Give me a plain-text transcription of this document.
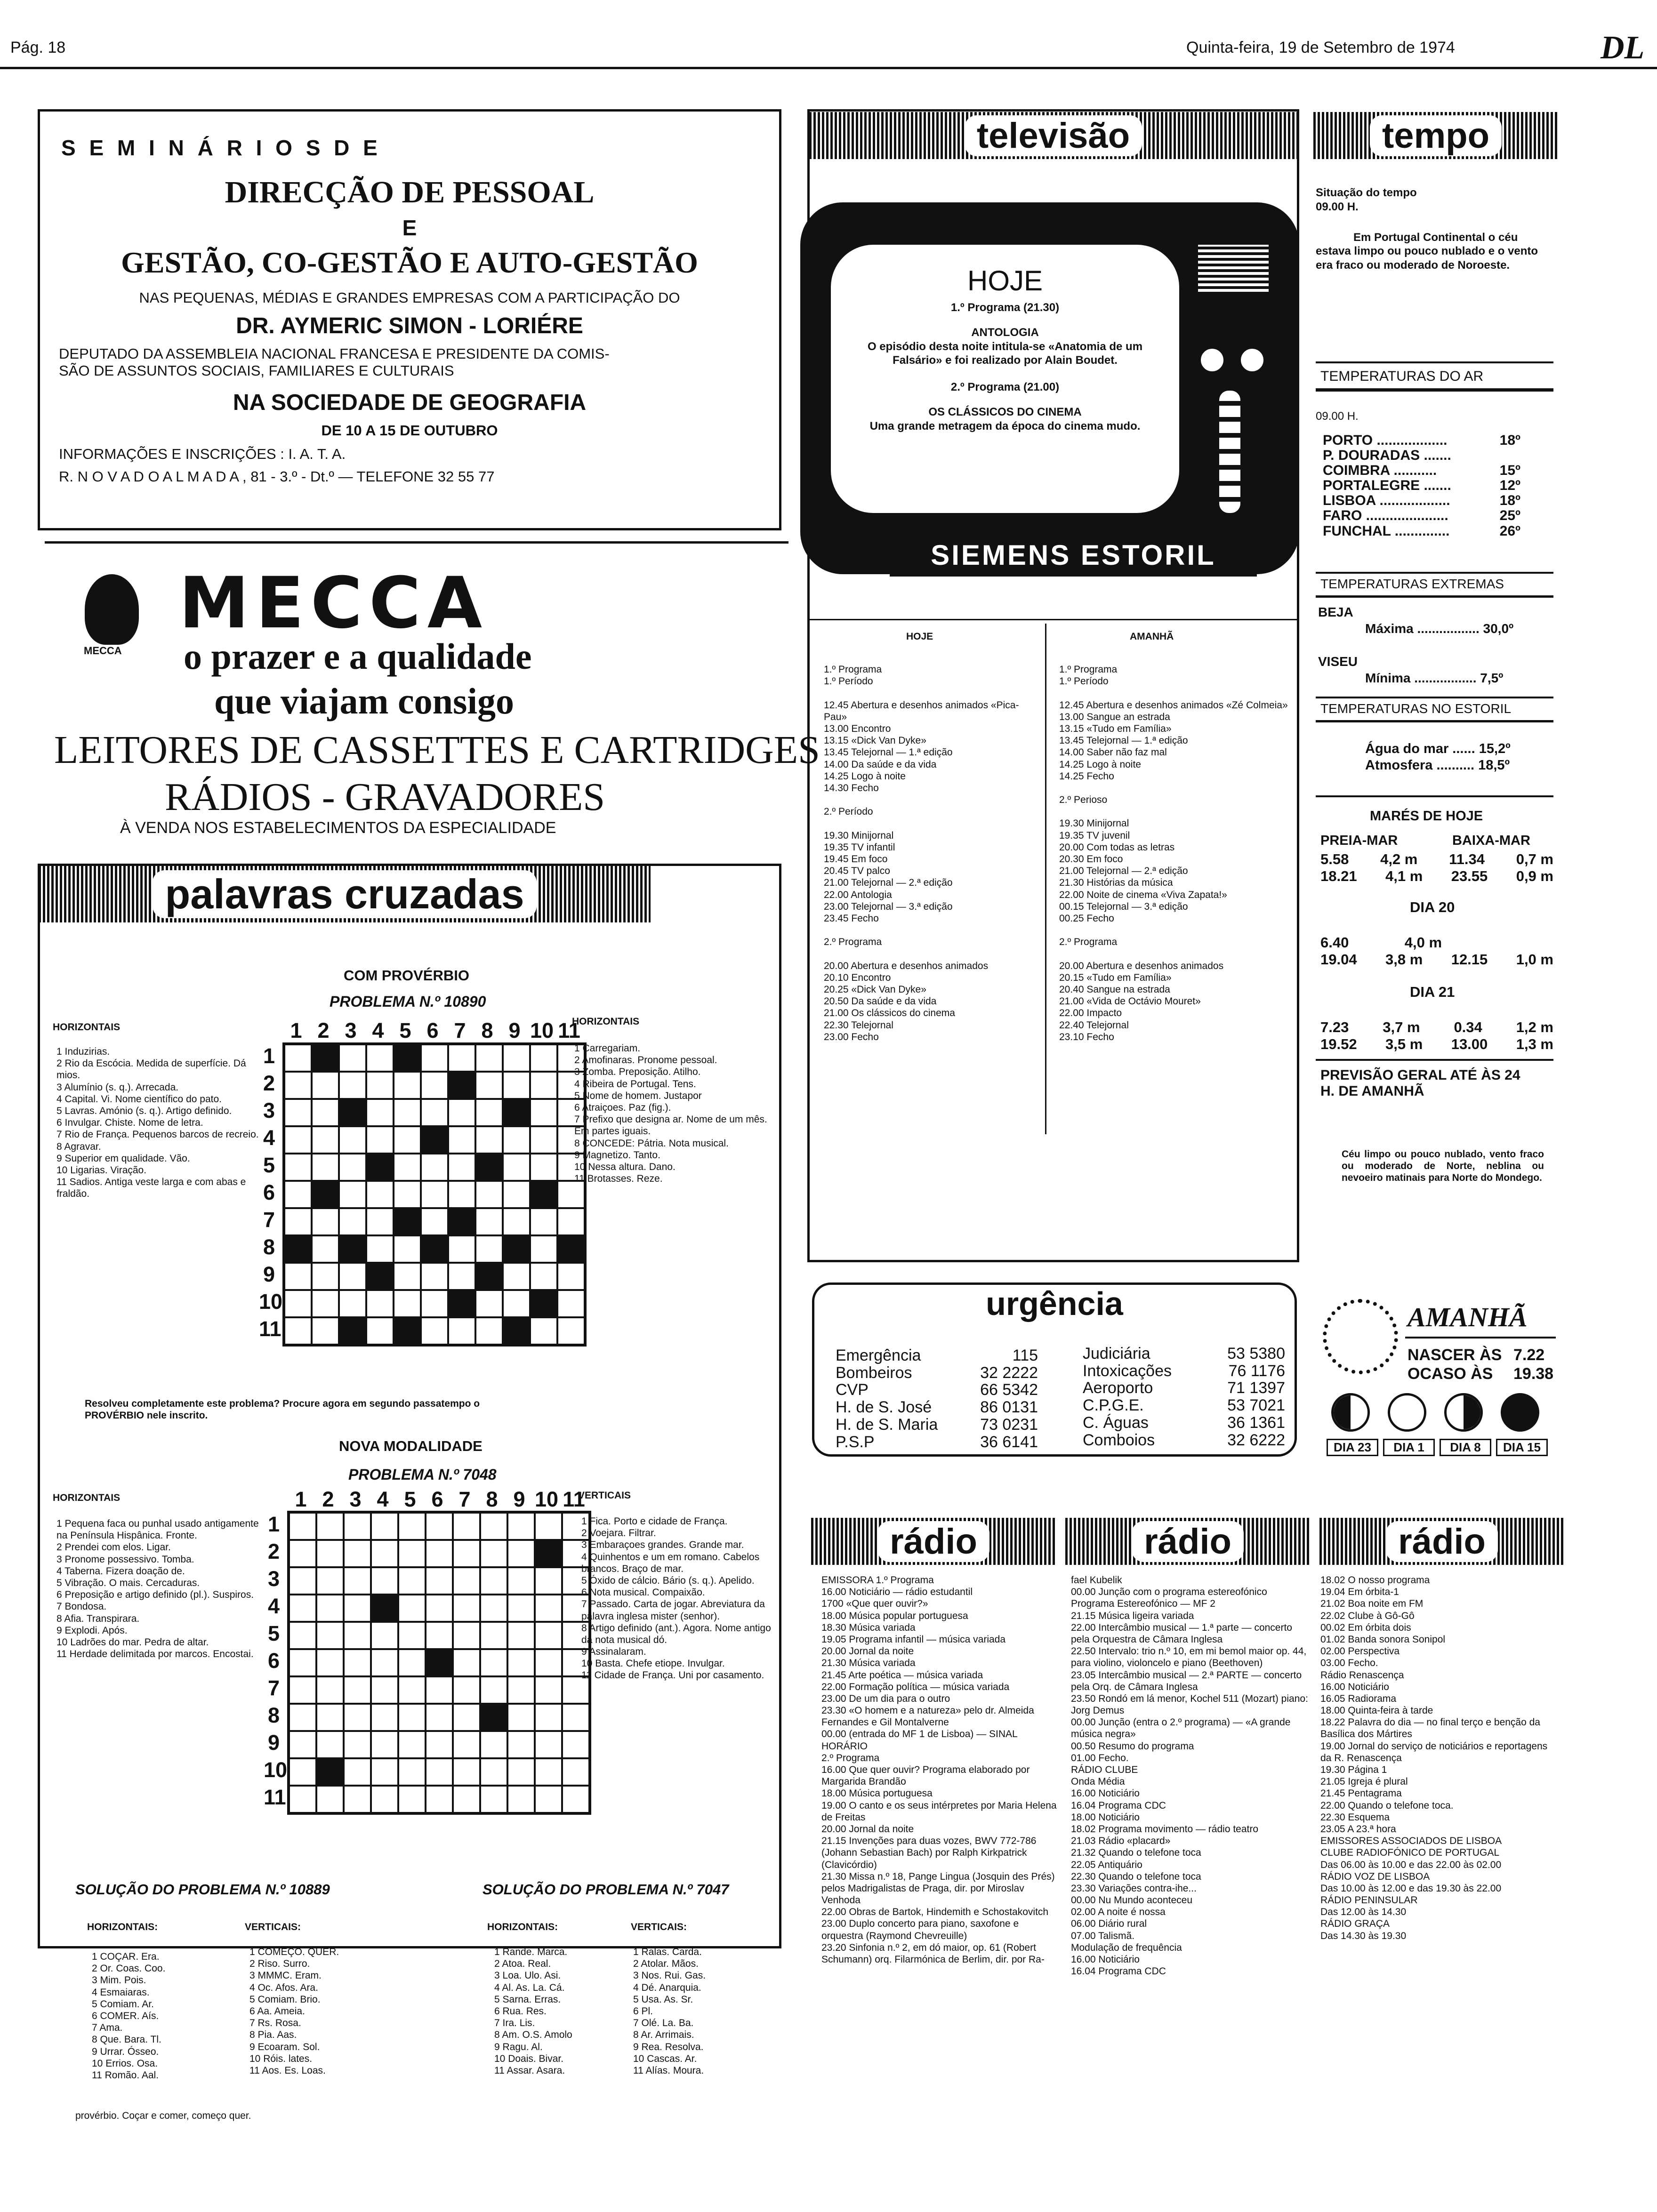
Pág. 18	Quinta-feira, 19 de Setembro de 1974	DL
S E M I N Á R I O S D E
DIRECÇÃO DE PESSOAL
E
GESTÃO, CO-GESTÃO E AUTO-GESTÃO
NAS PEQUENAS, MÉDIAS E GRANDES EMPRESAS COM A PARTICIPAÇÃO DO
DR. AYMERIC SIMON - LORIÉRE
DEPUTADO DA ASSEMBLEIA NACIONAL FRANCESA E PRESIDENTE DA COMIS-
SÃO DE ASSUNTOS SOCIAIS, FAMILIARES E CULTURAIS
NA SOCIEDADE DE GEOGRAFIA
DE 10 A 15 DE OUTUBRO
INFORMAÇÕES E INSCRIÇÕES : I. A. T. A.
R. N O V A D O A L M A D A , 81 - 3.º - Dt.º — TELEFONE 32 55 77
MECCA
MECCA
o prazer e a qualidade
que viajam consigo
LEITORES DE CASSETTES E CARTRIDGES
RÁDIOS - GRAVADORES
À VENDA NOS ESTABELECIMENTOS DA ESPECIALIDADE
palavras cruzadas
COM PROVÉRBIO
PROBLEMA N.º 10890
1 2 3 4 5 6 7 8 9 10 11
1
2
3
4
5
6
7
8
9
10
11
HORIZONTAIS

1 Induzirias.

2 Rio da Escócia. Medida de superfície. Dá mios.

3 Alumínio (s. q.). Arrecada.

4 Capital. Vi. Nome científico do pato.

5 Lavras. Amónio (s. q.). Artigo definido.

6 Invulgar. Chiste. Nome de letra.

7 Rio de França. Pequenos barcos de recreio.

8 Agravar.

9 Superior em qualidade. Vão.

10 Ligarias. Viração.

11 Sadios. Antiga veste larga e com abas e fraldão.

HORIZONTAIS

1 Carregariam.

2 Amofinaras. Pronome pessoal.

3 Zomba. Preposição. Atilho.

4 Ribeira de Portugal. Tens.

5 Nome de homem. Justapor

6 Atraiçoes. Paz (fig.).

7 Prefixo que designa ar. Nome de um mês. Em partes iguais.

8 CONCEDE: Pátria. Nota musical.

9 Magnetizo. Tanto.

10 Nessa altura. Dano.

11 Brotasses. Reze.

Resolveu completamente este problema? Procure agora em segundo passatempo o PROVÉRBIO nele inscrito.
NOVA MODALIDADE
PROBLEMA N.º 7048
1 2 3 4 5 6 7 8 9 10 11
1
2
3
4
5
6
7
8
9
10
11
HORIZONTAIS

1 Pequena faca ou punhal usado antigamente na Península Hispânica. Fronte.

2 Prendei com elos. Ligar.

3 Pronome possessivo. Tomba.

4 Taberna. Fizera doação de.

5 Vibração. O mais. Cercaduras.

6 Preposição e artigo definido (pl.). Suspiros.

7 Bondosa.

8 Afia. Transpirara.

9 Explodi. Após.

10 Ladrões do mar. Pedra de altar.

11 Herdade delimitada por marcos. Encostai.

VERTICAIS

1 Fica. Porto e cidade de França.

2 Voejara. Filtrar.

3 Embaraçoes grandes. Grande mar.

4 Quinhentos e um em romano. Cabelos brancos. Braço de mar.

5 Óxido de cálcio. Bário (s. q.). Apelido.

6 Nota musical. Compaixão.

7 Passado. Carta de jogar. Abreviatura da palavra inglesa mister (senhor).

8 Artigo definido (ant.). Agora. Nome antigo da nota musical dó.

9 Assinalaram.

10 Basta. Chefe etiope. Invulgar.

11 Cidade de França. Uni por casamento.

SOLUÇÃO DO PROBLEMA N.º 10889	SOLUÇÃO DO PROBLEMA N.º 7047
HORIZONTAIS:	VERTICAIS:	HORIZONTAIS:	VERTICAIS:

1 COÇAR. Era.

2 Or. Coas. Coo.

3 Mim. Pois.

4 Esmaiaras.

5 Comiam. Ar.

6 COMER. Aís.

7 Ama.

8 Que. Bara. Tl.

9 Urrar. Ósseo.

10 Errios. Osa.

11 Romão. Aal.

1 COMEÇO. QUER.

2 Riso. Surro.

3 MMMC. Eram.

4 Oc. Afos. Ara.

5 Comiam. Brio.

6 Aa. Ameia.

7 Rs. Rosa.

8 Pia. Aas.

9 Ecoaram. Sol.

10 Róis. lates.

11 Aos. Es. Loas.

1 Rande. Marca.

2 Atoa. Real.

3 Loa. Ulo. Asi.

4 Al. As. La. Cá.

5 Sarna. Erras.

6 Rua. Res.

7 Ira. Lis.

8 Am. O.S. Amolo

9 Ragu. Al.

10 Doais. Bivar.

11 Assar. Asara.

1 Ralas. Carda.

2 Atolar. Mãos.

3 Nos. Rui. Gas.

4 Dé. Anarquia.

5 Usa. As. Sr.

6 Pl.

7 Olé. La. Ba.

8 Ar. Arrimais.

9 Rea. Resolva.

10 Cascas. Ar.

11 Alías. Moura.

provérbio. Coçar e comer, começo quer.
televisão
HOJE
1.º Programa (21.30)
ANTOLOGIA
O episódio desta noite intitula-se «Anatomia de um Falsário» e foi realizado por Alain Boudet.
2.º Programa (21.00)
OS CLÁSSICOS DO CINEMA
Uma grande metragem da época do cinema mudo.
SIEMENS ESTORIL
HOJE	AMANHÃ

1.º Programa

1.º Período

12.45 Abertura e desenhos animados «Pica-Pau»

13.00 Encontro

13.15 «Dick Van Dyke»

13.45 Telejornal — 1.ª edição

14.00 Da saúde e da vida

14.25 Logo à noite

14.30 Fecho

2.º Período

19.30 Minijornal

19.35 TV infantil

19.45 Em foco

20.45 TV palco

21.00 Telejornal — 2.ª edição

22.00 Antologia

23.00 Telejornal — 3.ª edição

23.45 Fecho

2.º Programa

20.00 Abertura e desenhos animados

20.10 Encontro

20.25 «Dick Van Dyke»

20.50 Da saúde e da vida

21.00 Os clássicos do cinema

22.30 Telejornal

23.00 Fecho

1.º Programa

1.º Período

12.45 Abertura e desenhos animados «Zé Colmeia»

13.00 Sangue an estrada

13.15 «Tudo em Família»

13.45 Telejornal — 1.ª edição

14.00 Saber não faz mal

14.25 Logo à noite

14.25 Fecho

2.º Perioso

19.30 Minijornal

19.35 TV juvenil

20.00 Com todas as letras

20.30 Em foco

21.00 Telejornal — 2.ª edição

21.30 Histórias da música

22.00 Noite de cinema «Viva Zapata!»

00.15 Telejornal — 3.ª edição

00.25 Fecho

2.º Programa

20.00 Abertura e desenhos animados

20.15 «Tudo em Família»

20.40 Sangue na estrada

21.00 «Vida de Octávio Mouret»

22.00 Impacto

22.40 Telejornal

23.10 Fecho

urgência
Emergência	115
Bombeiros	32 2222
CVP	66 5342
H. de S. José	86 0131
H. de S. Maria	73 0231
P.S.P	36 6141
Judiciária	53 5380
Intoxicações	76 1176
Aeroporto	71 1397
C.P.G.E.	53 7021
C. Águas	36 1361
Comboios	32 6222
tempo
Situação do tempo
09.00 H.
Em Portugal Continental o céu estava limpo ou pouco nublado e o vento era fraco ou moderado de Noroeste.
TEMPERATURAS DO AR
09.00 H.
PORTO ..................	18º
P. DOURADAS .......
COIMBRA ...........	15º
PORTALEGRE .......	12º
LISBOA ..................	18º
FARO .....................	25º
FUNCHAL ..............	26º
TEMPERATURAS EXTREMAS
BEJA
Máxima ................. 30,0º
VISEU
Mínima ................. 7,5º
TEMPERATURAS NO ESTORIL
Água do mar ...... 15,2º
Atmosfera .......... 18,5º
MARÉS DE HOJE
PREIA-MAR	BAIXA-MAR
5.58 4,2 m 11.34 0,7 m
18.21 4,1 m 23.55 0,9 m
DIA 20
6.40	4,0 m
19.04 3,8 m 12.15 1,0 m
DIA 21
7.23 3,7 m 0.34 1,2 m
19.52 3,5 m 13.00 1,3 m
PREVISÃO GERAL ATÉ ÀS 24 H. DE AMANHÃ
Céu limpo ou pouco nublado, vento fraco ou moderado de Norte, neblina ou nevoeiro matinais para Norte do Mondego.
AMANHÃ
NASCER ÀS 7.22
OCASO ÀS 19.38
DIA 23	DIA 1	DIA 8	DIA 15
rádio	rádio	rádio

EMISSORA 1.º Programa

16.00 Noticiário — rádio estudantil

1700 «Que quer ouvir?»

18.00 Música popular portuguesa

18.30 Música variada

19.05 Programa infantil — música variada

20.00 Jornal da noite

21.30 Música variada

21.45 Arte poética — música variada

22.00 Formação política — música variada

23.00 De um dia para o outro

23.30 «O homem e a natureza» pelo dr. Almeida Fernandes e Gil Montalverne

00.00 (entrada do MF 1 de Lisboa) — SINAL HORÁRIO

2.º Programa

16.00 Que quer ouvir? Programa elaborado por Margarida Brandão

18.00 Música portuguesa

19.00 O canto e os seus intérpretes por Maria Helena de Freitas

20.00 Jornal da noite

21.15 Invenções para duas vozes, BWV 772-786 (Johann Sebastian Bach) por Ralph Kirkpatrick (Clavicórdio)

21.30 Missa n.º 18, Pange Lingua (Josquin des Prés) pelos Madrigalistas de Praga, dir. por Miroslav Venhoda

22.00 Obras de Bartok, Hindemith e Schostakovitch

23.00 Duplo concerto para piano, saxofone e orquestra (Raymond Chevreuille)

23.20 Sinfonia n.º 2, em dó maior, op. 61 (Robert Schumann) orq. Filarmónica de Berlim, dir. por Ra-

fael Kubelik

00.00 Junção com o programa estereofónico

Programa Estereofónico — MF 2

21.15 Música ligeira variada

22.00 Intercâmbio musical — 1.ª parte — concerto pela Orquestra de Câmara Inglesa

22.50 Intervalo: trio n.º 10, em mi bemol maior op. 44, para violino, violoncelo e piano (Beethoven)

23.05 Intercâmbio musical — 2.ª PARTE — concerto pela Orq. de Câmara Inglesa

23.50 Rondó em lá menor, Kochel 511 (Mozart) piano: Jorg Demus

00.00 Junção (entra o 2.º programa) — «A grande música negra»

00.50 Resumo do programa

01.00 Fecho.

RÁDIO CLUBE

Onda Média

16.00 Noticiário

16.04 Programa CDC

18.00 Noticiário

18.02 Programa movimento — rádio teatro

21.03 Rádio «placard»

21.32 Quando o telefone toca

22.05 Antiquário

22.30 Quando o telefone toca

23.30 Variações contra-ihe...

00.00 Nu Mundo aconteceu

02.00 A noite é nossa

06.00 Diário rural

07.00 Talismã.

Modulação de frequência

16.00 Noticiário

16.04 Programa CDC

18.02 O nosso programa

19.04 Em órbita-1

21.02 Boa noite em FM

22.02 Clube à Gô-Gô

00.02 Em órbita dois

01.02 Banda sonora Sonipol

02.00 Perspectiva

03.00 Fecho.

Rádio Renascença

16.00 Noticiário

16.05 Radiorama

18.00 Quinta-feira à tarde

18.22 Palavra do dia — no final terço e benção da Basílica dos Mártires

19.00 Jornal do serviço de noticiários e reportagens da R. Renascença

19.30 Página 1

21.05 Igreja é plural

21.45 Pentagrama

22.00 Quando o telefone toca.

22.30 Esquema

23.05 A 23.ª hora

EMISSORES ASSOCIADOS DE LISBOA

CLUBE RADIOFÓNICO DE PORTUGAL

Das 06.00 às 10.00 e das 22.00 às 02.00

RÁDIO VOZ DE LISBOA

Das 10.00 às 12.00 e das 19.30 às 22.00

RÁDIO PENINSULAR

Das 12.00 às 14.30

RÁDIO GRAÇA

Das 14.30 às 19.30
